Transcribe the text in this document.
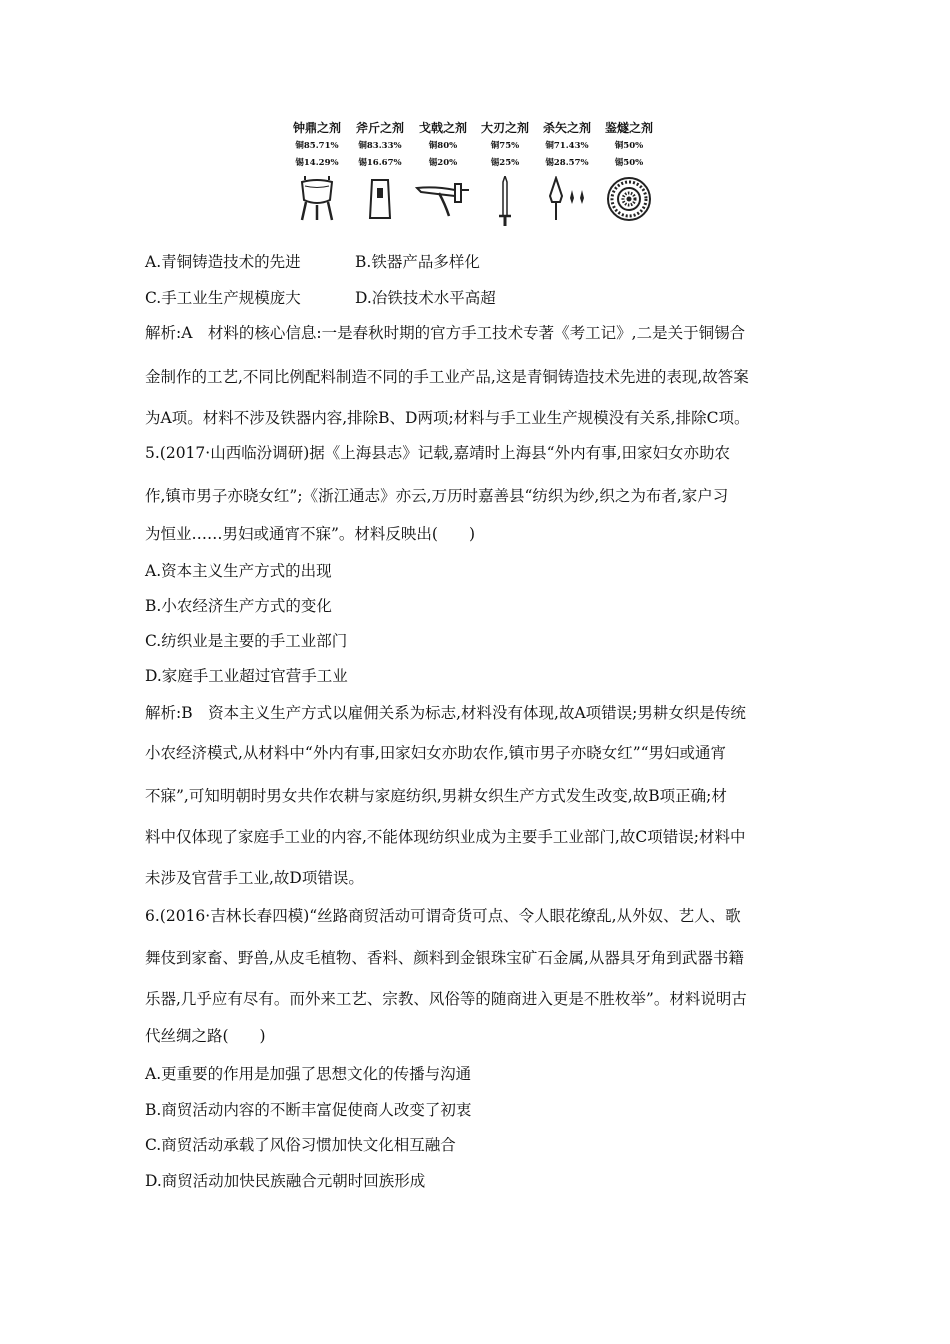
钟鼎之剂
铜85.71%
锡14.29%
斧斤之剂
铜83.33%
锡16.67%
戈戟之剂
铜80%
锡20%
大刃之剂
铜75%
锡25%
杀矢之剂
铜71.43%
锡28.57%
鉴燧之剂
铜50%
锡50%
A.青铜铸造技术的先进	B.铁器产品多样化
C.手工业生产规模庞大	D.冶铁技术水平高超
解析:A　材料的核心信息:一是春秋时期的官方手工技术专著《考工记》,二是关于铜锡合
金制作的工艺,不同比例配料制造不同的手工业产品,这是青铜铸造技术先进的表现,故答案
为A项。材料不涉及铁器内容,排除B、D两项;材料与手工业生产规模没有关系,排除C项。
5.(2017·山西临汾调研)据《上海县志》记载,嘉靖时上海县“外内有事,田家妇女亦助农
作,镇市男子亦晓女红”;《浙江通志》亦云,万历时嘉善县“纺织为纱,织之为布者,家户习
为恒业……男妇或通宵不寐”。材料反映出(　　)
A.资本主义生产方式的出现
B.小农经济生产方式的变化
C.纺织业是主要的手工业部门
D.家庭手工业超过官营手工业
解析:B　资本主义生产方式以雇佣关系为标志,材料没有体现,故A项错误;男耕女织是传统
小农经济模式,从材料中“外内有事,田家妇女亦助农作,镇市男子亦晓女红”“男妇或通宵
不寐”,可知明朝时男女共作农耕与家庭纺织,男耕女织生产方式发生改变,故B项正确;材
料中仅体现了家庭手工业的内容,不能体现纺织业成为主要手工业部门,故C项错误;材料中
未涉及官营手工业,故D项错误。
6.(2016·吉林长春四模)“丝路商贸活动可谓奇货可点、令人眼花缭乱,从外奴、艺人、歌
舞伎到家畜、野兽,从皮毛植物、香料、颜料到金银珠宝矿石金属,从器具牙角到武器书籍
乐器,几乎应有尽有。而外来工艺、宗教、风俗等的随商进入更是不胜枚举”。材料说明古
代丝绸之路(　　)
A.更重要的作用是加强了思想文化的传播与沟通
B.商贸活动内容的不断丰富促使商人改变了初衷
C.商贸活动承载了风俗习惯加快文化相互融合
D.商贸活动加快民族融合元朝时回族形成
